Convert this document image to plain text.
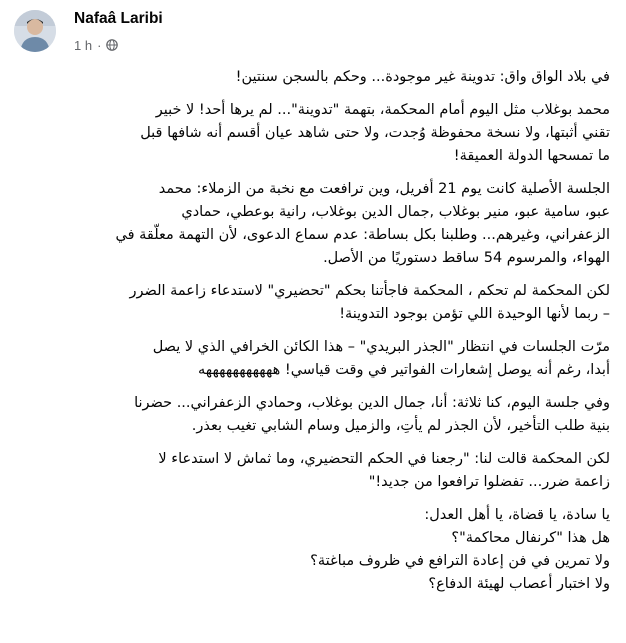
Nafaâ Laribi
1 h ·

في بلاد الواق واق: تدوينة غير موجودة... وحكم بالسجن سنتين!

محمد بوغلاب مثل اليوم أمام المحكمة، بتهمة "تدوينة"... لم يرها أحد! لا خبير
تقني أثبتها، ولا نسخة محفوظة وُجدت، ولا حتى شاهد عيان أقسم أنه شافها قبل
ما تمسحها الدولة العميقة!

الجلسة الأصلية كانت يوم 21 أفريل، وين ترافعت مع نخبة من الزملاء: محمد
عبو، سامية عبو، منير بوغلاب ,جمال الدين بوغلاب، رانية بوعطي، حمادي
الزعفراني، وغيرهم... وطلبنا بكل بساطة: عدم سماع الدعوى، لأن التهمة معلّقة في
الهواء، والمرسوم 54 ساقط دستوريًا من الأصل.

لكن المحكمة لم تحكم ، المحكمة فاجأتنا بحكم "تحضيري" لاستدعاء زاعمة الضرر
– ربما لأنها الوحيدة اللي تؤمن بوجود التدوينة!

مرّت الجلسات في انتظار "الجذر البريدي" – هذا الكائن الخرافي الذي لا يصل
أبدا، رغم أنه يوصل إشعارات الفواتير في وقت قياسي! هههههههههههه

وفي جلسة اليوم، كنا ثلاثة: أنا، جمال الدين بوغلاب، وحمادي الزعفراني... حضرنا
بنية طلب التأخير، لأن الجذر لم يأتِ، والزميل وسام الشابي تغيب بعذر.

لكن المحكمة قالت لنا: "رجعنا في الحكم التحضيري، وما ثماش لا استدعاء لا
زاعمة ضرر... تفضلوا ترافعوا من جديد!"

يا سادة، يا قضاة، يا أهل العدل:
هل هذا "كرنفال محاكمة"؟
ولا تمرين في فن إعادة الترافع في ظروف مباغتة؟
ولا اختبار أعصاب لهيئة الدفاع؟
